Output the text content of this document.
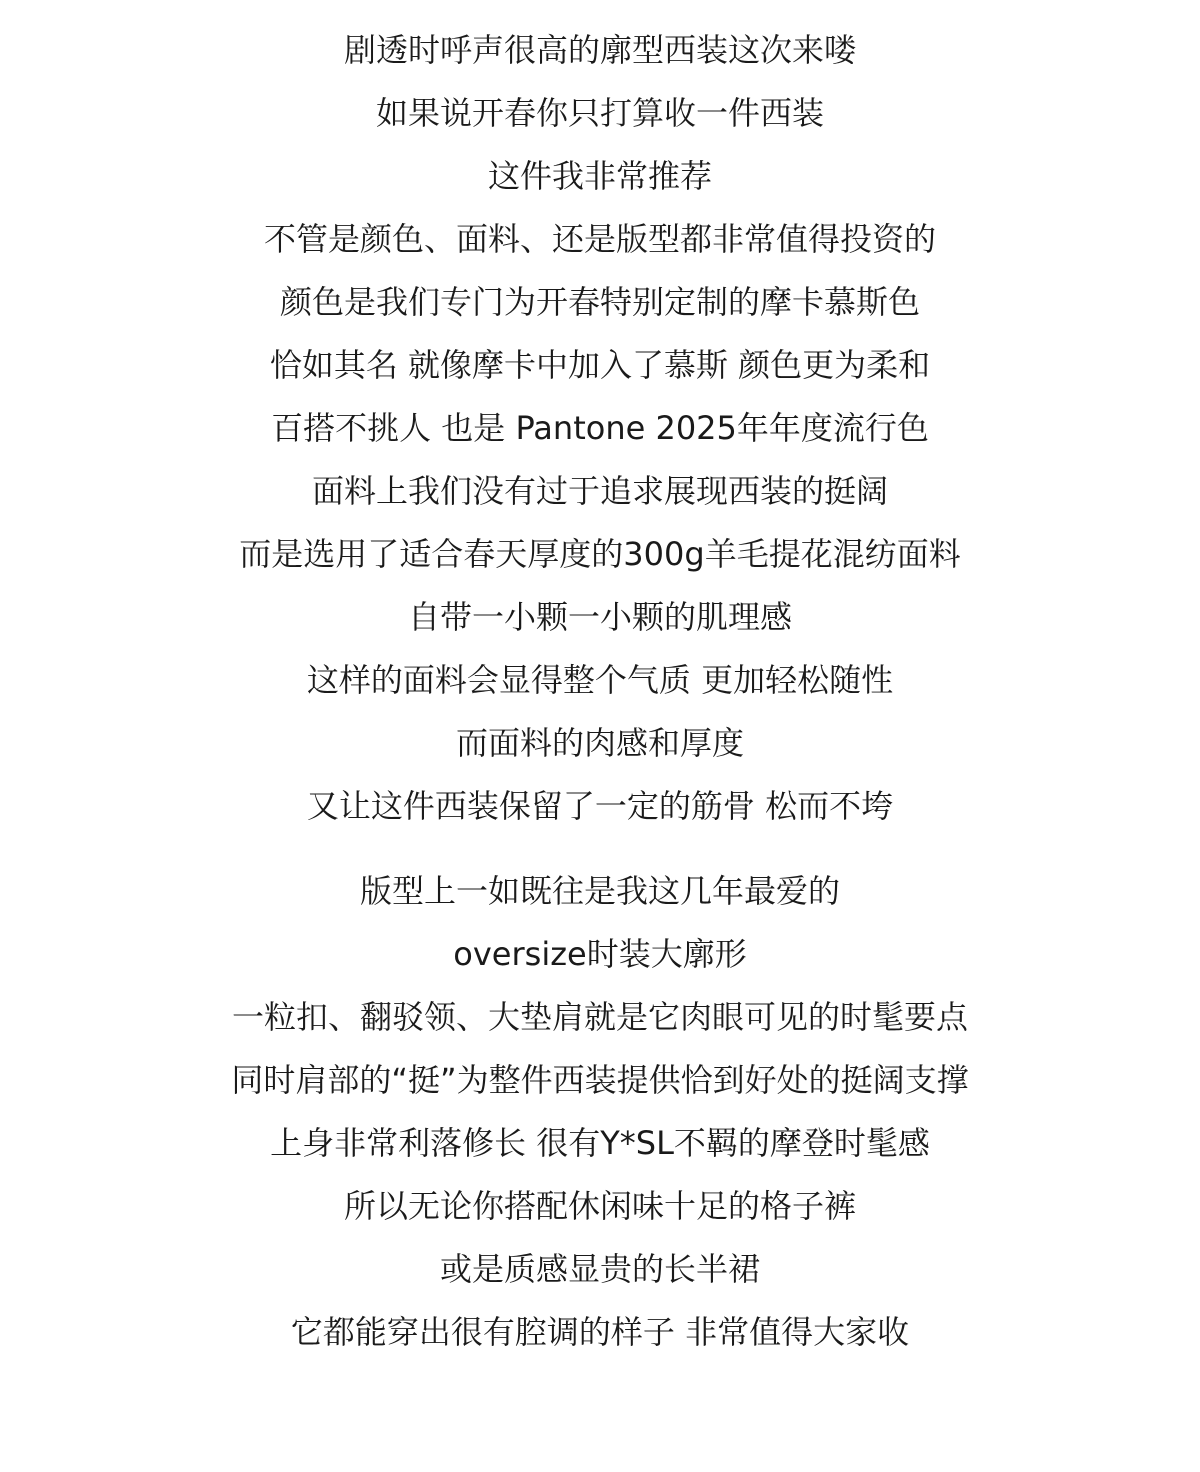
剧透时呼声很高的廓型西装这次来喽

如果说开春你只打算收一件西装

这件我非常推荐

不管是颜色、面料、还是版型都非常值得投资的

颜色是我们专门为开春特别定制的摩卡慕斯色

恰如其名 就像摩卡中加入了慕斯 颜色更为柔和

百搭不挑人 也是 Pantone 2025年年度流行色

面料上我们没有过于追求展现西装的挺阔

而是选用了适合春天厚度的300g羊毛提花混纺面料

自带一小颗一小颗的肌理感

这样的面料会显得整个气质 更加轻松随性

而面料的肉感和厚度

又让这件西装保留了一定的筋骨 松而不垮

版型上一如既往是我这几年最爱的

oversize时装大廓形

一粒扣、翻驳领、大垫肩就是它肉眼可见的时髦要点

同时肩部的“挺”为整件西装提供恰到好处的挺阔支撑

上身非常利落修长 很有Y*SL不羁的摩登时髦感

所以无论你搭配休闲味十足的格子裤

或是质感显贵的长半裙

它都能穿出很有腔调的样子 非常值得大家收
